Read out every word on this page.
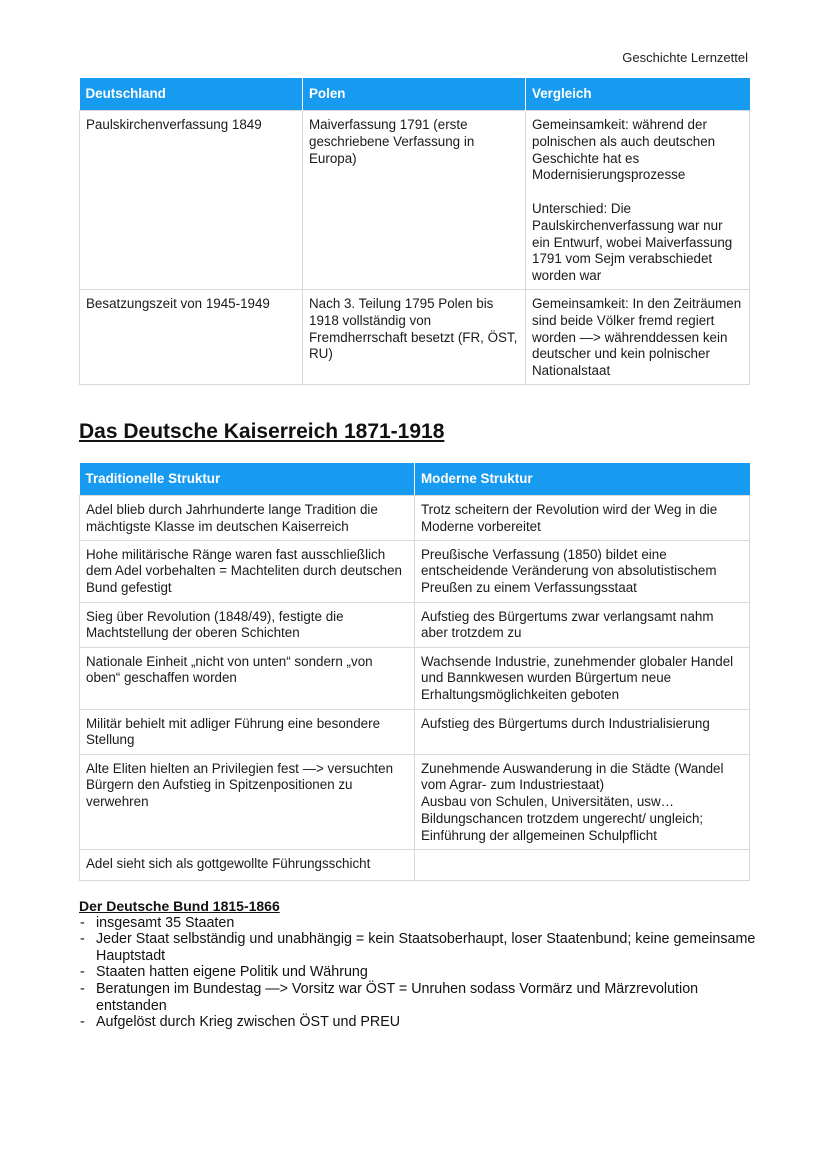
Geschichte Lernzettel
Deutschland	Polen	Vergleich
Paulskirchenverfassung 1849	Maiverfassung 1791 (erste geschriebene Verfassung in Europa)	Gemeinsamkeit: während der polnischen als auch deutschen Geschichte hat es Modernisierungsprozesse
Unterschied: Die Paulskirchenverfassung war nur ein Entwurf, wobei Maiverfassung 1791 vom Sejm verabschiedet worden war
Besatzungszeit von 1945-1949	Nach 3. Teilung 1795 Polen bis 1918 vollständig von Fremdherrschaft besetzt (FR, ÖST, RU)	Gemeinsamkeit: In den Zeiträumen sind beide Völker fremd regiert worden —> währenddessen kein deutscher und kein polnischer Nationalstaat
Das Deutsche Kaiserreich 1871-1918
Traditionelle Struktur	Moderne Struktur
Adel blieb durch Jahrhunderte lange Tradition die mächtigste Klasse im deutschen Kaiserreich	Trotz scheitern der Revolution wird der Weg in die Moderne vorbereitet
Hohe militärische Ränge waren fast ausschließlich dem Adel vorbehalten = Machteliten durch deutschen Bund gefestigt	Preußische Verfassung (1850) bildet eine entscheidende Veränderung von absolutistischem Preußen zu einem Verfassungsstaat
Sieg über Revolution (1848/49), festigte die Machtstellung der oberen Schichten	Aufstieg des Bürgertums zwar verlangsamt nahm aber trotzdem zu
Nationale Einheit „nicht von unten“ sondern „von oben“ geschaffen worden	Wachsende Industrie, zunehmender globaler Handel und Bannkwesen wurden Bürgertum neue Erhaltungsmöglichkeiten geboten
Militär behielt mit adliger Führung eine besondere Stellung	Aufstieg des Bürgertums durch Industrialisierung
Alte Eliten hielten an Privilegien fest —> versuchten Bürgern den Aufstieg in Spitzenpositionen zu verwehren	Zunehmende Auswanderung in die Städte (Wandel vom Agrar- zum Industriestaat)
Ausbau von Schulen, Universitäten, usw…
Bildungschancen trotzdem ungerecht/ ungleich; Einführung der allgemeinen Schulpflicht
Adel sieht sich als gottgewollte Führungsschicht	
Der Deutsche Bund 1815-1866
- insgesamt 35 Staaten
- Jeder Staat selbständig und unabhängig = kein Staatsoberhaupt, loser Staatenbund; keine gemeinsame Hauptstadt
- Staaten hatten eigene Politik und Währung
- Beratungen im Bundestag —> Vorsitz war ÖST = Unruhen sodass Vormärz und Märzrevolution entstanden
- Aufgelöst durch Krieg zwischen ÖST und PREU
